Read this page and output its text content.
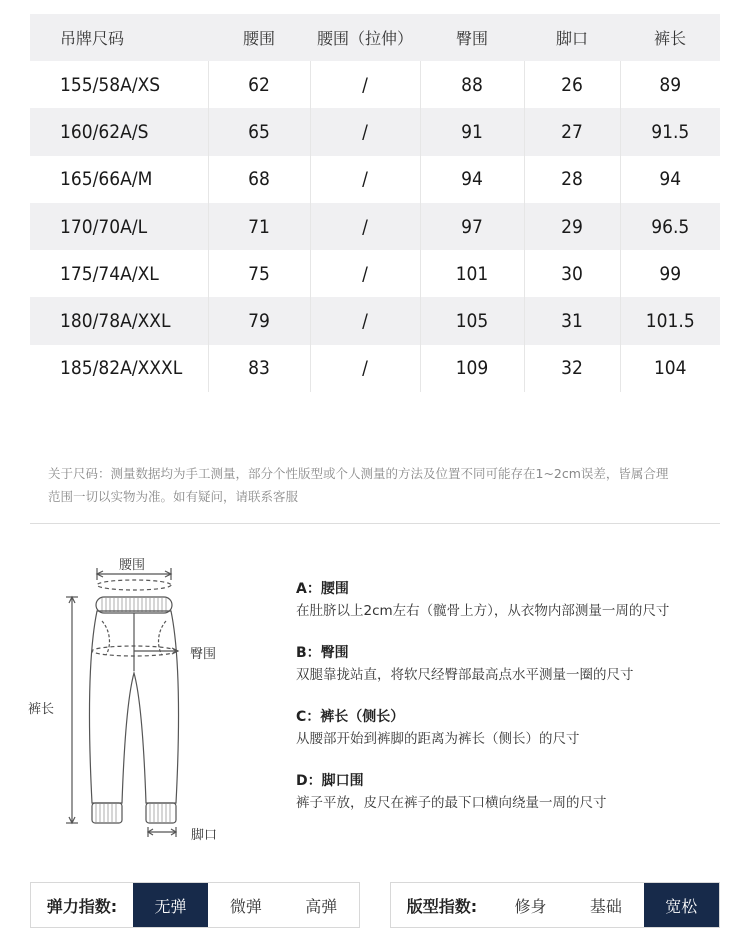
吊牌尺码	腰围	腰围（拉伸）	臀围	脚口	裤长
155/58A/XS	62	/	88	26	89
160/62A/S	65	/	91	27	91.5
165/66A/M	68	/	94	28	94
170/70A/L	71	/	97	29	96.5
175/74A/XL	75	/	101	30	99
180/78A/XXL	79	/	105	31	101.5
185/82A/XXXL	83	/	109	32	104
关于尺码：测量数据均为手工测量，部分个性版型或个人测量的方法及位置不同可能存在1~2cm误差，皆属合理
范围一切以实物为准。如有疑问，请联系客服
腰围
臀围
裤长
脚口
A：腰围
在肚脐以上2cm左右（髋骨上方），从衣物内部测量一周的尺寸
B：臀围
双腿靠拢站直，将软尺经臀部最高点水平测量一圈的尺寸
C：裤长（侧长）
从腰部开始到裤脚的距离为裤长（侧长）的尺寸
D：脚口围
裤子平放，皮尺在裤子的最下口横向绕量一周的尺寸
弹力指数:	无弹	微弹	高弹	版型指数:	修身	基础	宽松
